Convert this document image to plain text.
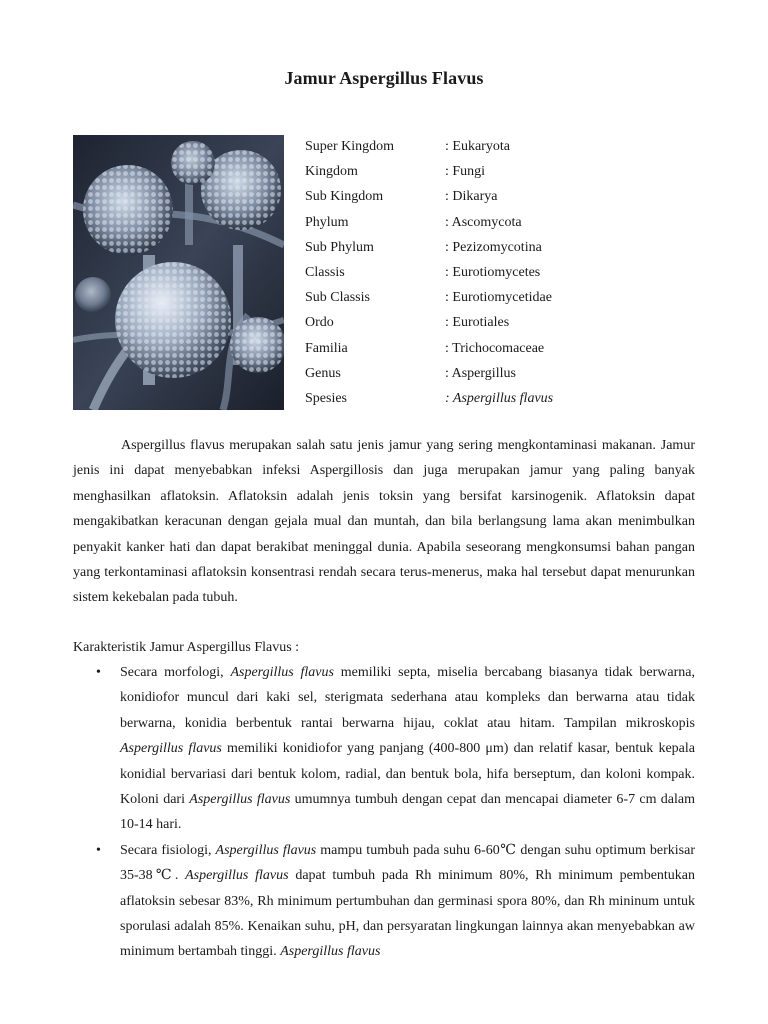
Jamur Aspergillus Flavus
Super Kingdom	: Eukaryota
Kingdom	: Fungi
Sub Kingdom	: Dikarya
Phylum	: Ascomycota
Sub Phylum	: Pezizomycotina
Classis	: Eurotiomycetes
Sub Classis	: Eurotiomycetidae
Ordo	: Eurotiales
Familia	: Trichocomaceae
Genus	: Aspergillus
Spesies	: Aspergillus flavus

Aspergillus flavus merupakan salah satu jenis jamur yang sering mengkontaminasi makanan. Jamur jenis ini dapat menyebabkan infeksi Aspergillosis dan juga merupakan jamur yang paling banyak menghasilkan aflatoksin. Aflatoksin adalah jenis toksin yang bersifat karsinogenik. Aflatoksin dapat mengakibatkan keracunan dengan gejala mual dan muntah, dan bila berlangsung lama akan menimbulkan penyakit kanker hati dan dapat berakibat meninggal dunia. Apabila seseorang mengkonsumsi bahan pangan yang terkontaminasi aflatoksin konsentrasi rendah secara terus-menerus, maka hal tersebut dapat menurunkan sistem kekebalan pada tubuh.

Karakteristik Jamur Aspergillus Flavus :

• Secara morfologi, Aspergillus flavus memiliki septa, miselia bercabang biasanya tidak berwarna, konidiofor muncul dari kaki sel, sterigmata sederhana atau kompleks dan berwarna atau tidak berwarna, konidia berbentuk rantai berwarna hijau, coklat atau hitam. Tampilan mikroskopis Aspergillus flavus memiliki konidiofor yang panjang (400-800 μm) dan relatif kasar, bentuk kepala konidial bervariasi dari bentuk kolom, radial, dan bentuk bola, hifa berseptum, dan koloni kompak. Koloni dari Aspergillus flavus umumnya tumbuh dengan cepat dan mencapai diameter 6-7 cm dalam 10-14 hari.
• Secara fisiologi, Aspergillus flavus mampu tumbuh pada suhu 6-60℃ dengan suhu optimum berkisar 35-38℃. Aspergillus flavus dapat tumbuh pada Rh minimum 80%, Rh minimum pembentukan aflatoksin sebesar 83%, Rh minimum pertumbuhan dan germinasi spora 80%, dan Rh mininum untuk sporulasi adalah 85%. Kenaikan suhu, pH, dan persyaratan lingkungan lainnya akan menyebabkan aw minimum bertambah tinggi. Aspergillus flavus
